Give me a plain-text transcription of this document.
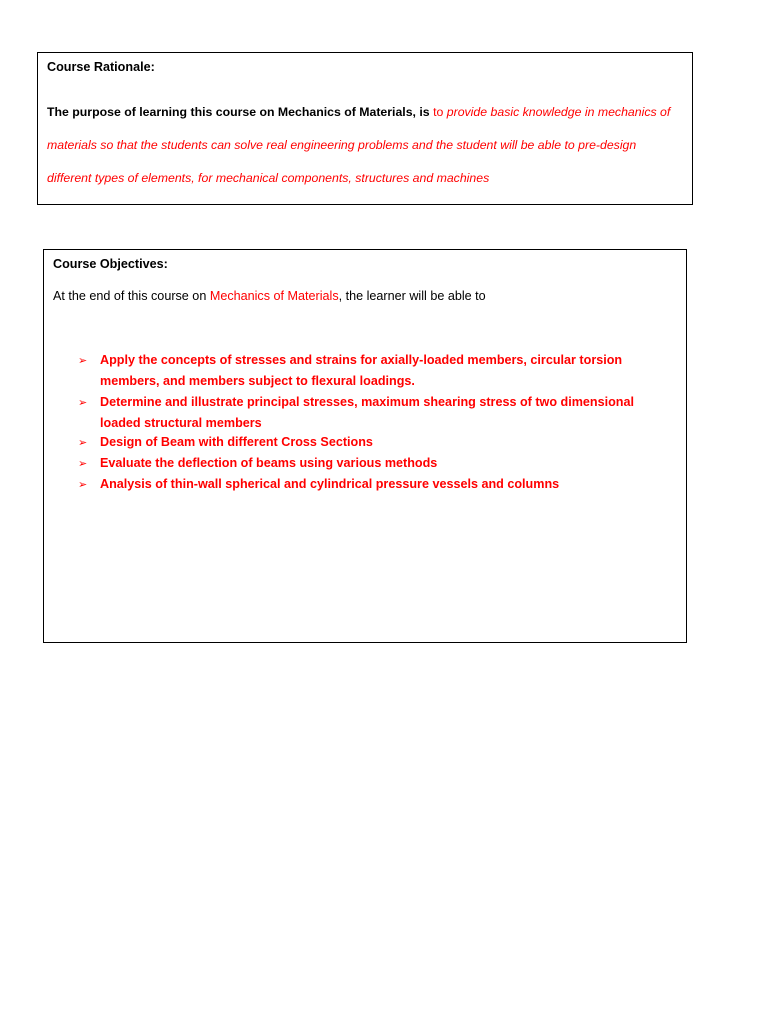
Course Rationale:
The purpose of learning this course on Mechanics of Materials, is to provide basic knowledge in mechanics of
materials so that the students can solve real engineering problems and the student will be able to pre-design
different types of elements, for mechanical components, structures and machines
Course Objectives:
At the end of this course on Mechanics of Materials, the learner will be able to
➢	Apply the concepts of stresses and strains for axially-loaded members, circular torsion members, and members subject to flexural loadings.
➢	Determine and illustrate principal stresses, maximum shearing stress of two dimensional loaded structural members
➢	Design of Beam with different Cross Sections
➢	Evaluate the deflection of beams using various methods
➢	Analysis of thin-wall spherical and cylindrical pressure vessels and columns
